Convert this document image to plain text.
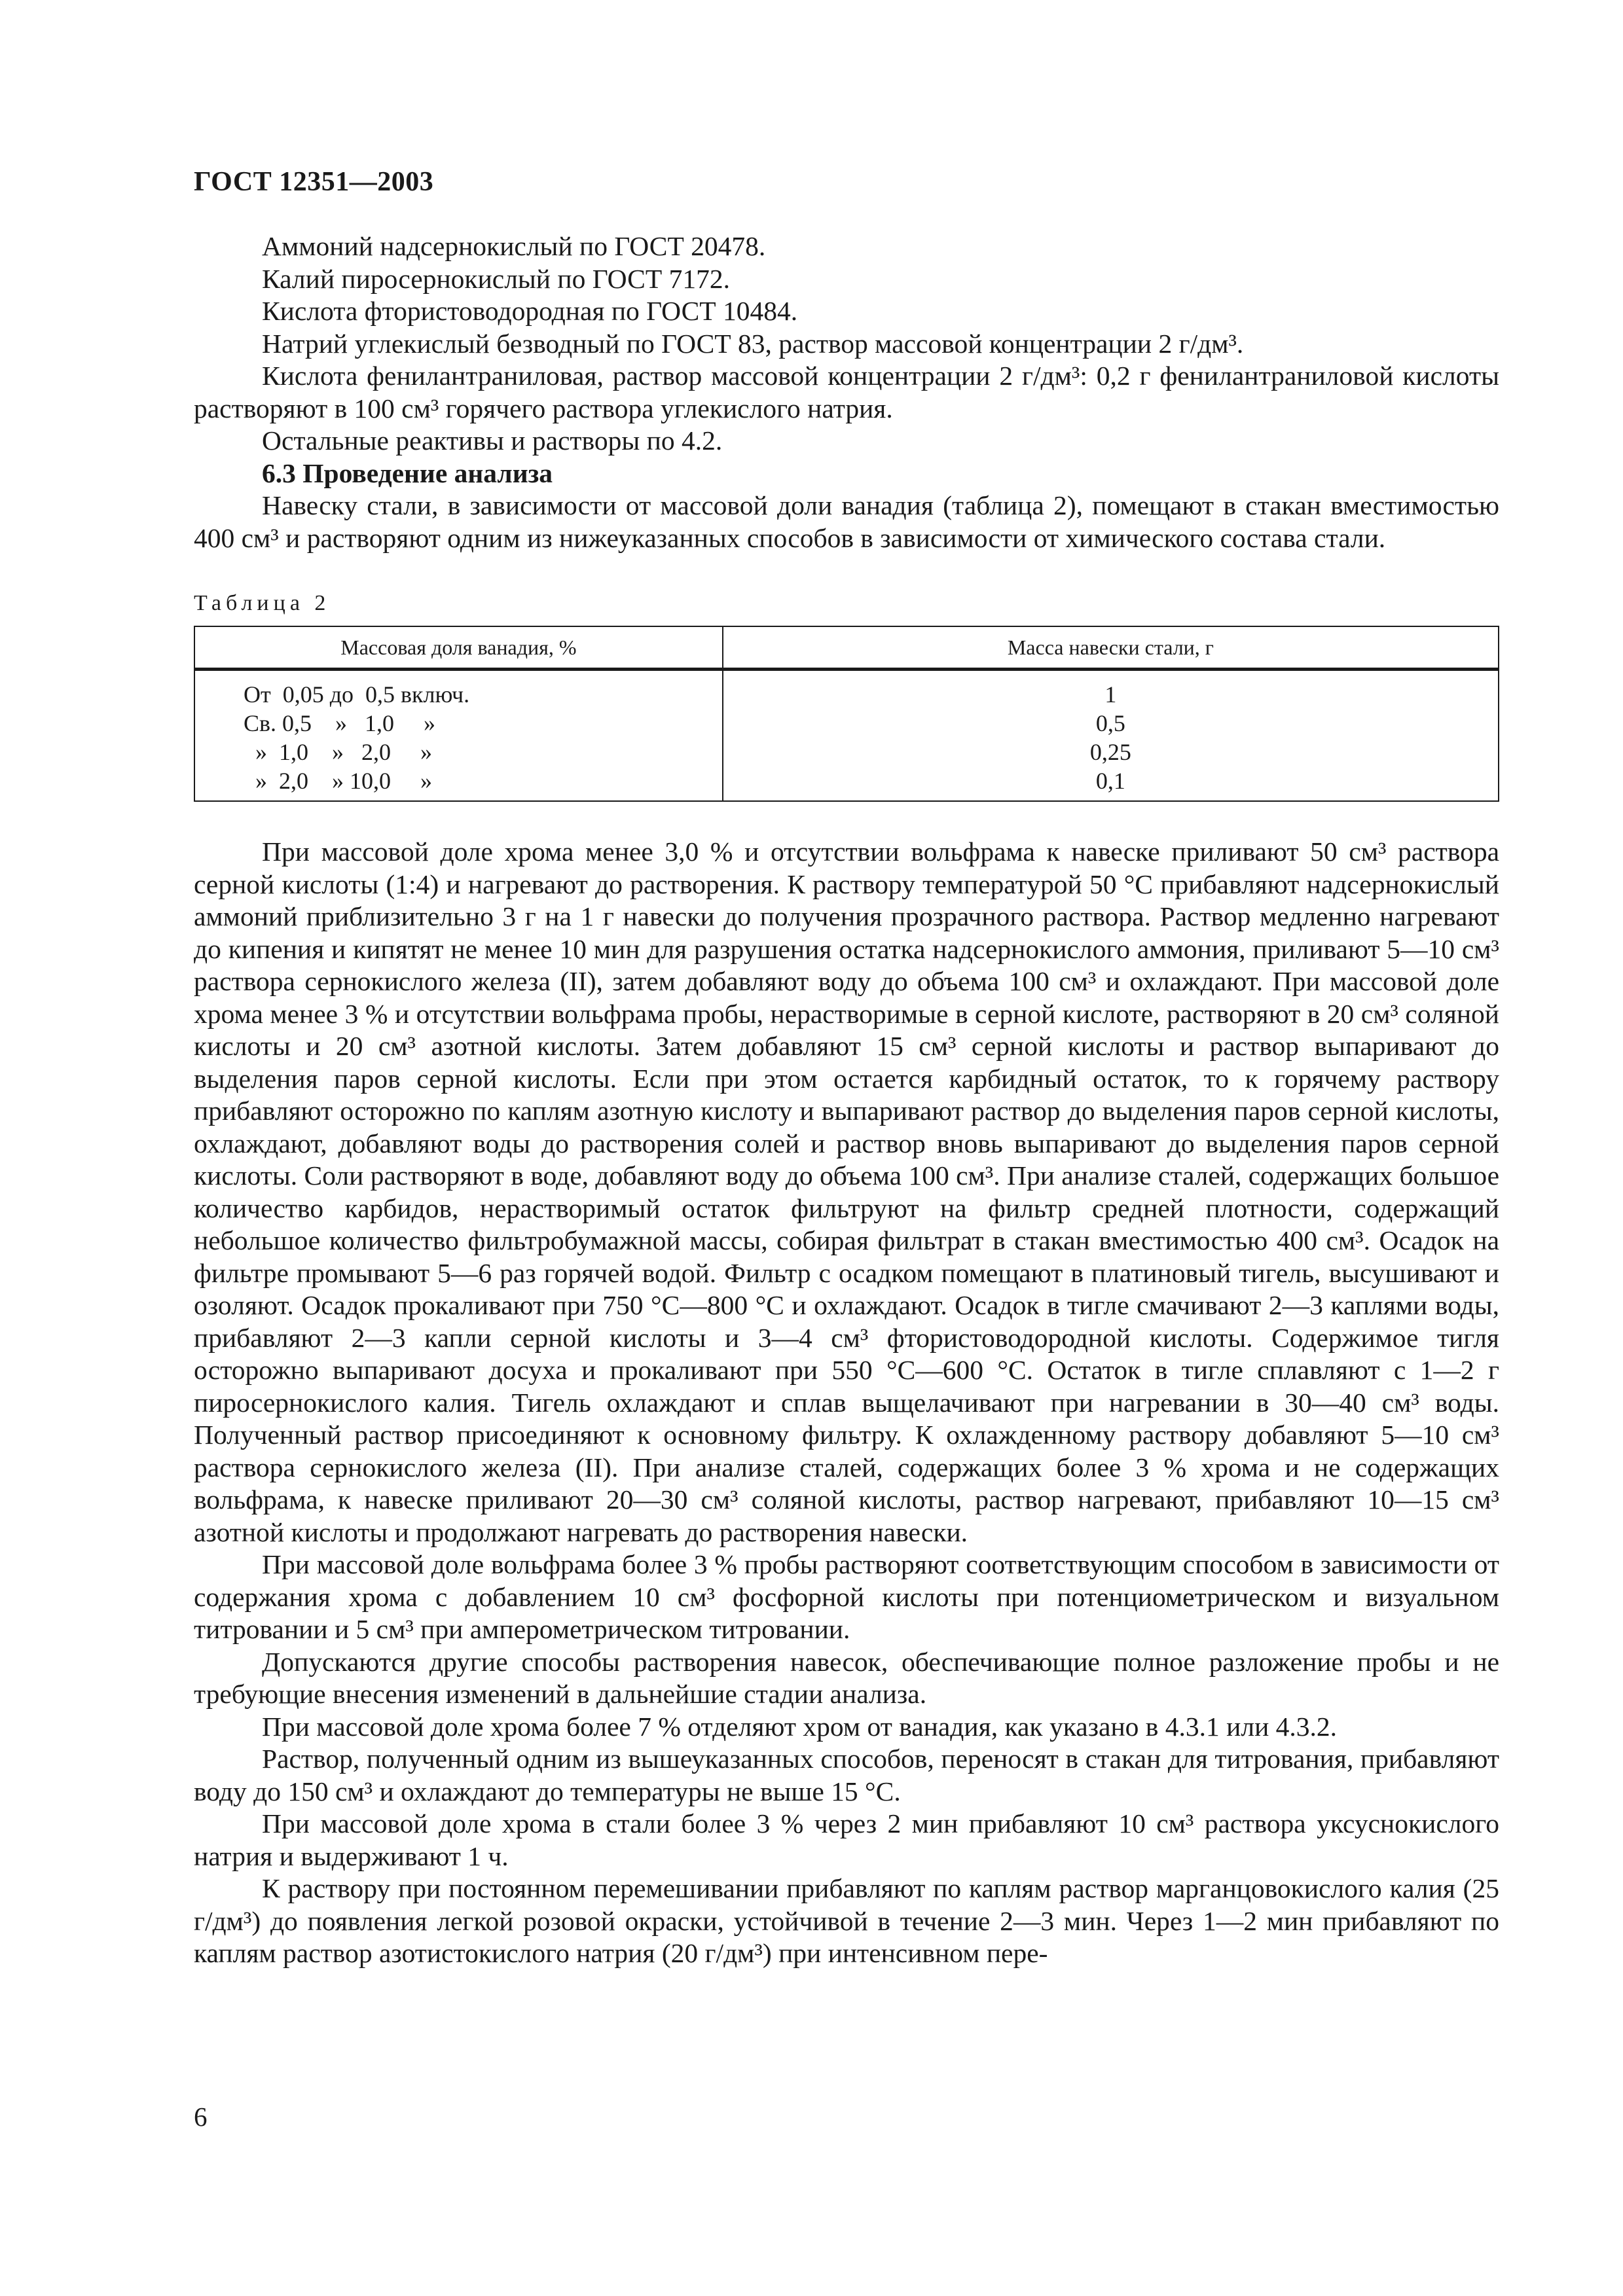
ГОСТ 12351—2003

Аммоний надсернокислый по ГОСТ 20478.

Калий пиросернокислый по ГОСТ 7172.

Кислота фтористоводородная по ГОСТ 10484.

Натрий углекислый безводный по ГОСТ 83, раствор массовой концентрации 2 г/дм³.

Кислота фенилантраниловая, раствор массовой концентрации 2 г/дм³: 0,2 г фенилантраниловой кислоты растворяют в 100 см³ горячего раствора углекислого натрия.

Остальные реактивы и растворы по 4.2.

6.3 Проведение анализа

Навеску стали, в зависимости от массовой доли ванадия (таблица 2), помещают в стакан вместимостью 400 см³ и растворяют одним из нижеуказанных способов в зависимости от химического состава стали.

Таблица 2
Массовая доля ванадия, %	Масса навески стали, г
От  0,05 до  0,5 включ.	1
Св. 0,5    »   1,0     »	0,5
»  1,0    »   2,0     »	0,25
»  2,0    » 10,0     »	0,1

При массовой доле хрома менее 3,0 % и отсутствии вольфрама к навеске приливают 50 см³ раствора серной кислоты (1:4) и нагревают до растворения. К раствору температурой 50 °С прибавляют надсернокислый аммоний приблизительно 3 г на 1 г навески до получения прозрачного раствора. Раствор медленно нагревают до кипения и кипятят не менее 10 мин для разрушения остатка надсернокислого аммония, приливают 5—10 см³ раствора сернокислого железа (II), затем добавляют воду до объема 100 см³ и охлаждают. При массовой доле хрома менее 3 % и отсутствии вольфрама пробы, нерастворимые в серной кислоте, растворяют в 20 см³ соляной кислоты и 20 см³ азотной кислоты. Затем добавляют 15 см³ серной кислоты и раствор выпаривают до выделения паров серной кислоты. Если при этом остается карбидный остаток, то к горячему раствору прибавляют осторожно по каплям азотную кислоту и выпаривают раствор до выделения паров серной кислоты, охлаждают, добавляют воды до растворения солей и раствор вновь выпаривают до выделения паров серной кислоты. Соли растворяют в воде, добавляют воду до объема 100 см³. При анализе сталей, содержащих большое количество карбидов, нерастворимый остаток фильтруют на фильтр средней плотности, содержащий небольшое количество фильтробумажной массы, собирая фильтрат в стакан вместимостью 400 см³. Осадок на фильтре промывают 5—6 раз горячей водой. Фильтр с осадком помещают в платиновый тигель, высушивают и озоляют. Осадок прокаливают при 750 °С—800 °С и охлаждают. Осадок в тигле смачивают 2—3 каплями воды, прибавляют 2—3 капли серной кислоты и 3—4 см³ фтористоводородной кислоты. Содержимое тигля осторожно выпаривают досуха и прокаливают при 550 °С—600 °С. Остаток в тигле сплавляют с 1—2 г пиросернокислого калия. Тигель охлаждают и сплав выщелачивают при нагревании в 30—40 см³ воды. Полученный раствор присоединяют к основному фильтру. К охлажденному раствору добавляют 5—10 см³ раствора сернокислого железа (II). При анализе сталей, содержащих более 3 % хрома и не содержащих вольфрама, к навеске приливают 20—30 см³ соляной кислоты, раствор нагревают, прибавляют 10—15 см³ азотной кислоты и продолжают нагревать до растворения навески.

При массовой доле вольфрама более 3 % пробы растворяют соответствующим способом в зависимости от содержания хрома с добавлением 10 см³ фосфорной кислоты при потенциометрическом и визуальном титровании и 5 см³ при амперометрическом титровании.

Допускаются другие способы растворения навесок, обеспечивающие полное разложение пробы и не требующие внесения изменений в дальнейшие стадии анализа.

При массовой доле хрома более 7 % отделяют хром от ванадия, как указано в 4.3.1 или 4.3.2.

Раствор, полученный одним из вышеуказанных способов, переносят в стакан для титрования, прибавляют воду до 150 см³ и охлаждают до температуры не выше 15 °С.

При массовой доле хрома в стали более 3 % через 2 мин прибавляют 10 см³ раствора уксуснокислого натрия и выдерживают 1 ч.

К раствору при постоянном перемешивании прибавляют по каплям раствор марганцовокислого калия (25 г/дм³) до появления легкой розовой окраски, устойчивой в течение 2—3 мин. Через 1—2 мин прибавляют по каплям раствор азотистокислого натрия (20 г/дм³) при интенсивном пере-

6
